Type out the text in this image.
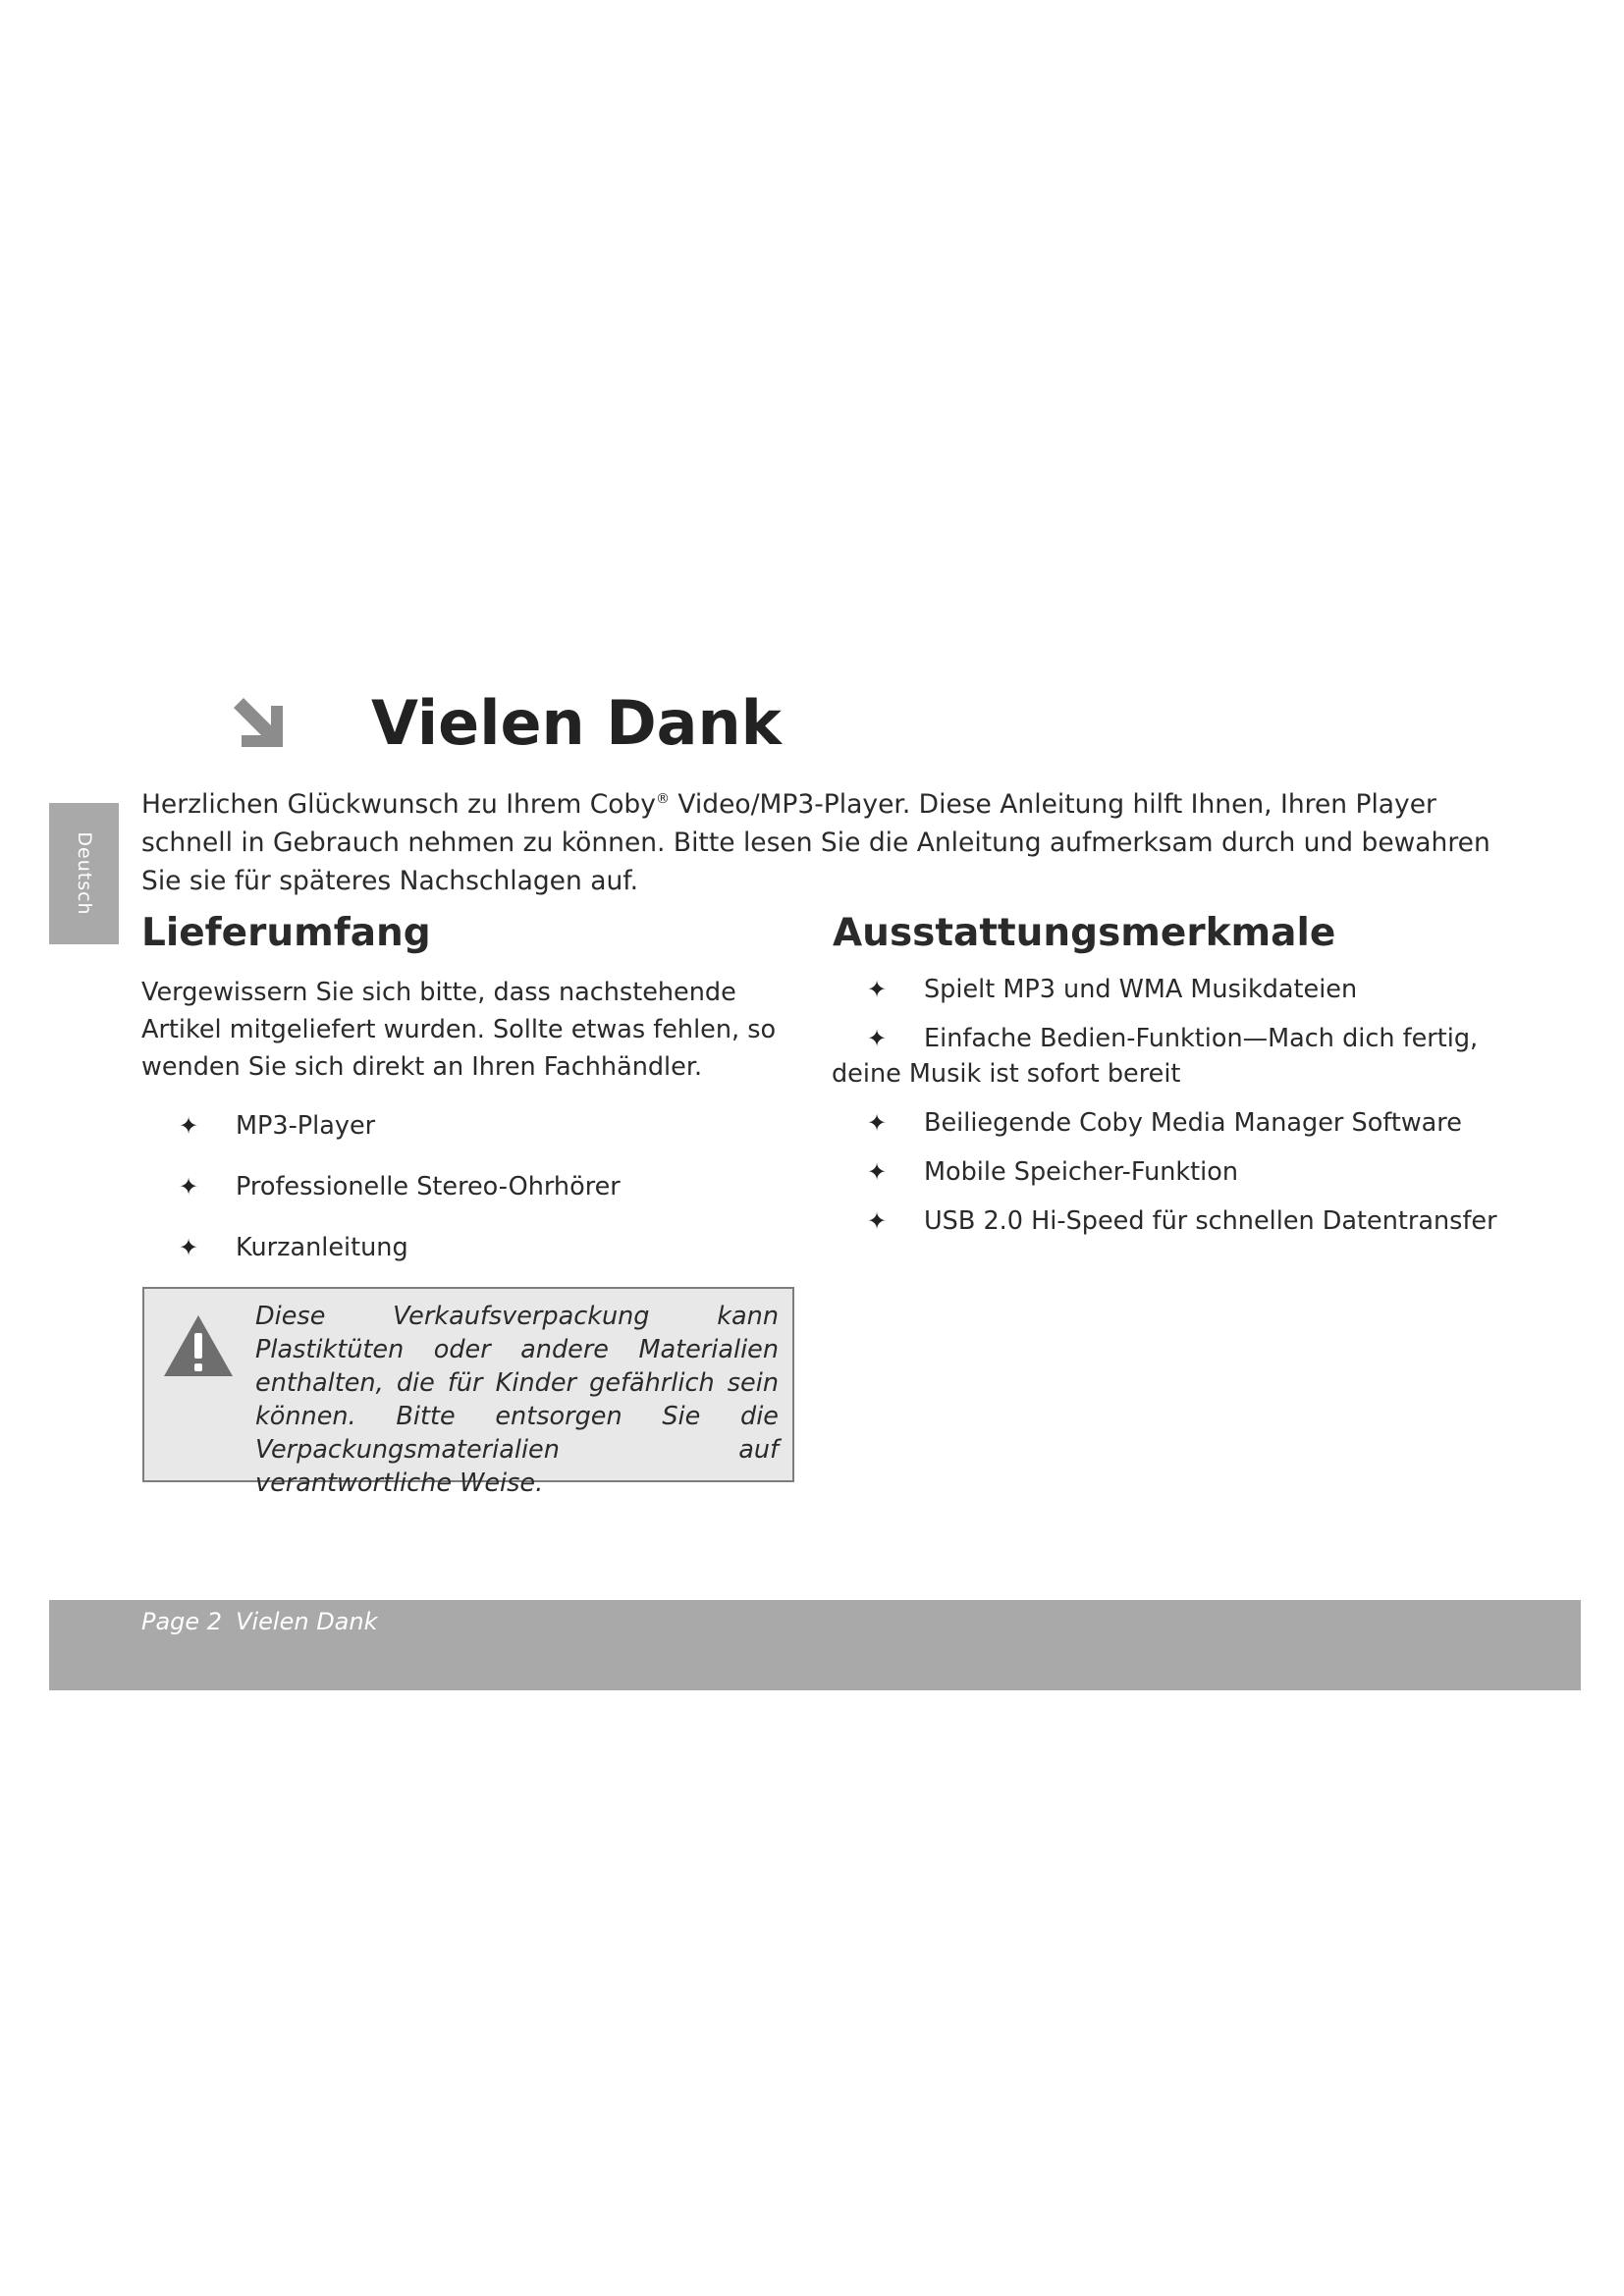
Vielen Dank
Deutsch

Herzlichen Glückwunsch zu Ihrem Coby® Video/MP3-Player. Diese Anleitung hilft Ihnen, Ihren Player schnell in Gebrauch nehmen zu können. Bitte lesen Sie die Anleitung aufmerksam durch und bewahren Sie sie für späteres Nachschlagen auf.

Lieferumfang

Vergewissern Sie sich bitte, dass nachstehende Artikel mitgeliefert wurden. Sollte etwas fehlen, so wenden Sie sich direkt an Ihren Fachhändler.

✦ MP3-Player
✦ Professionelle Stereo-Ohrhörer
✦ Kurzanleitung

Diese Verkaufsverpackung kann Plastiktüten oder andere Materialien enthalten, die für Kinder gefährlich sein können. Bitte entsorgen Sie die Verpackungsmaterialien auf verantwortliche Weise.

Ausstattungsmerkmale
✦ Spielt MP3 und WMA Musikdateien
✦ Einfache Bedien-Funktion—Mach dich fertig,
deine Musik ist sofort bereit
✦ Beiliegende Coby Media Manager Software
✦ Mobile Speicher-Funktion
✦ USB 2.0 Hi-Speed für schnellen Datentransfer
Page 2 Vielen Dank
